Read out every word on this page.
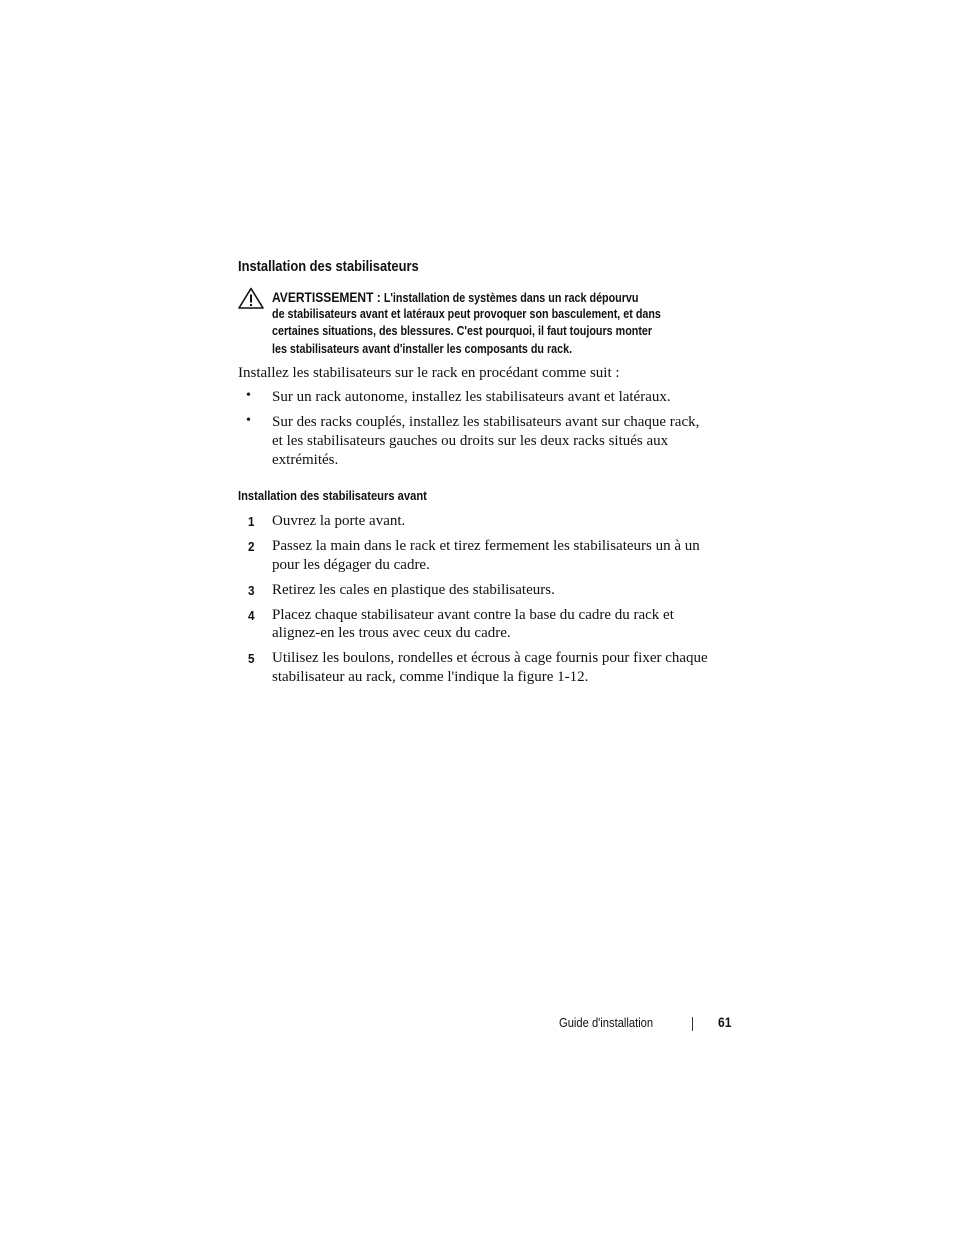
Installation des stabilisateurs

AVERTISSEMENT : L'installation de systèmes dans un rack dépourvu

de stabilisateurs avant et latéraux peut provoquer son basculement, et dans

certaines situations, des blessures. C'est pourquoi, il faut toujours monter

les stabilisateurs avant d'installer les composants du rack.

Installez les stabilisateurs sur le rack en procédant comme suit :

• Sur un rack autonome, installez les stabilisateurs avant et latéraux.

• Sur des racks couplés, installez les stabilisateurs avant sur chaque rack,

et les stabilisateurs gauches ou droits sur les deux racks situés aux

extrémités.

Installation des stabilisateurs avant
1 Ouvrez la porte avant.

2 Passez la main dans le rack et tirez fermement les stabilisateurs un à un

pour les dégager du cadre.

3 Retirez les cales en plastique des stabilisateurs.

4 Placez chaque stabilisateur avant contre la base du cadre du rack et

alignez-en les trous avec ceux du cadre.

5 Utilisez les boulons, rondelles et écrous à cage fournis pour fixer chaque

stabilisateur au rack, comme l'indique la figure 1-12.

Guide d'installation	61
